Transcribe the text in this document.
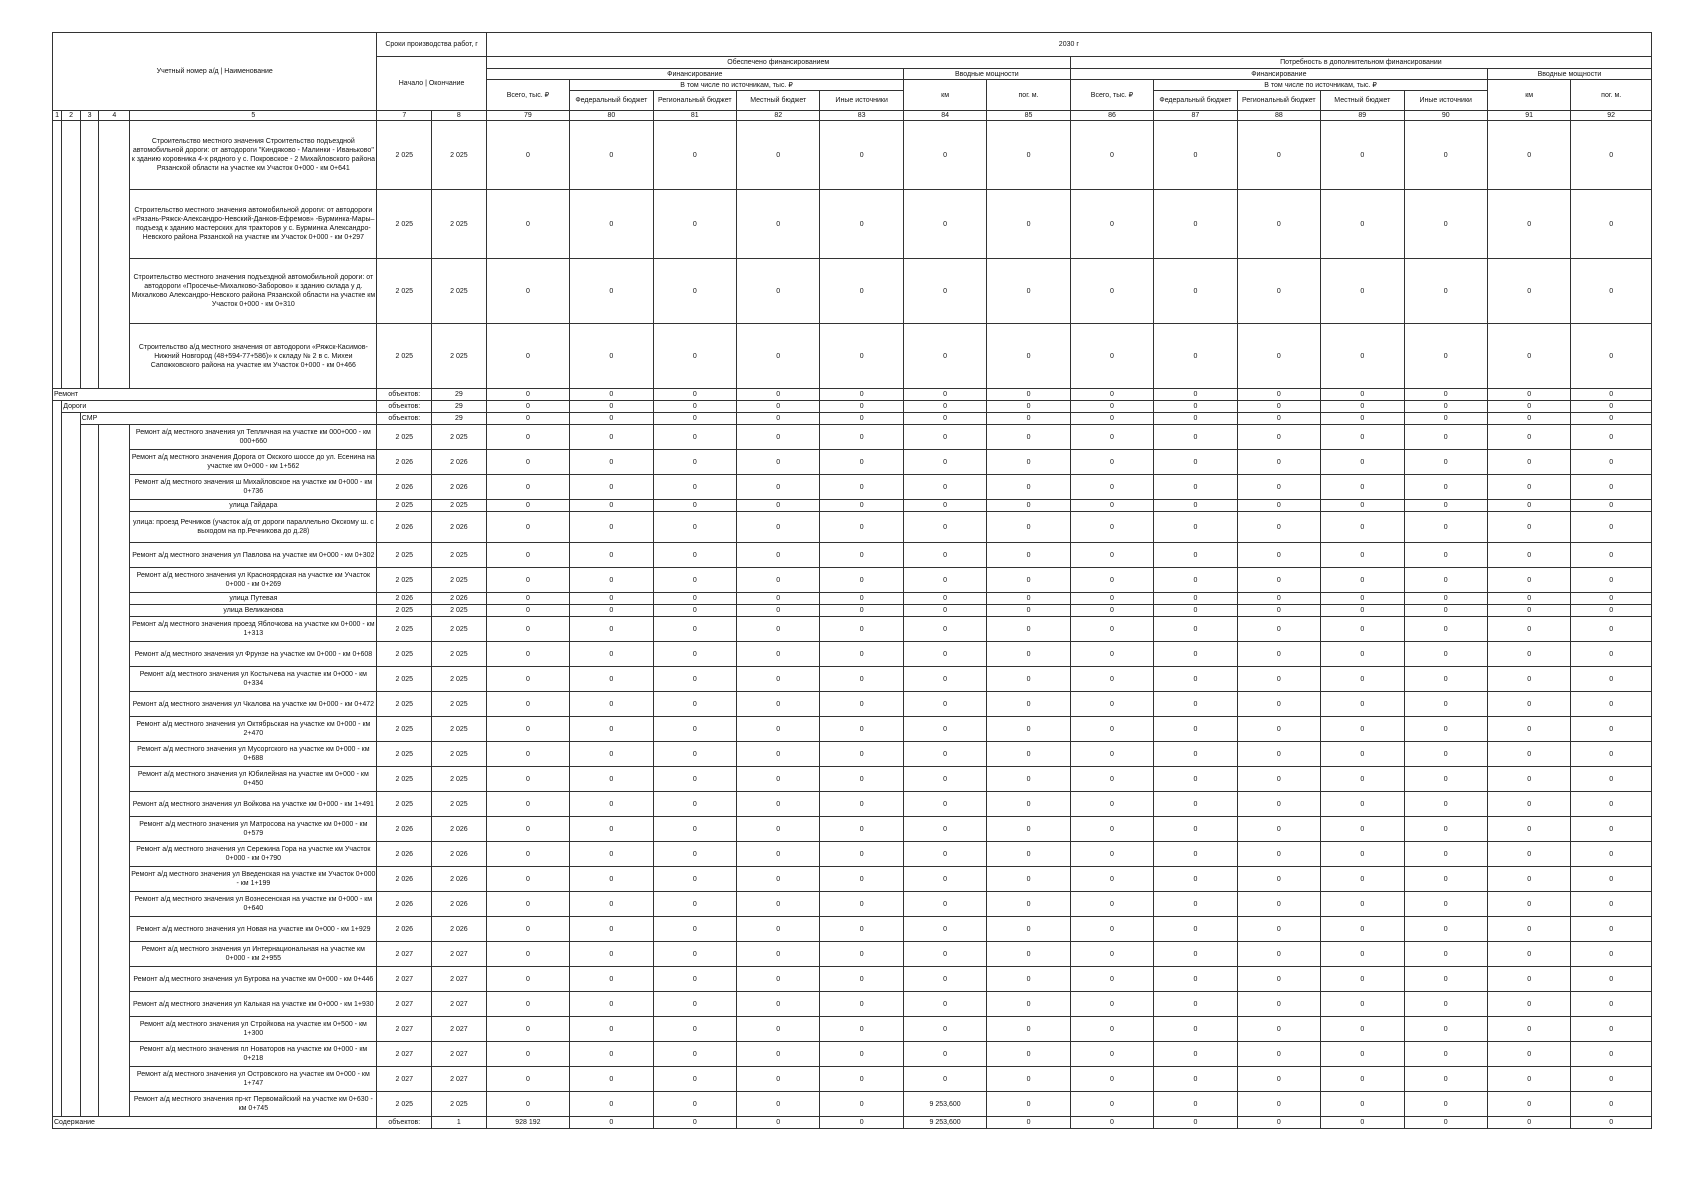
Учетный номер а/д | Наименование					Сроки производства работ, г		2030 г													
					Начало | Окончание		Обеспечено финансированием							Потребность в дополнительном финансировании						
							Финансирование					Вводные мощности		Финансирование					Вводные мощности	
							Всего, тыс. ₽	В том числе по источникам, тыс. ₽				км	пог. м.	Всего, тыс. ₽	В том числе по источникам, тыс. ₽				км	пог. м.
								Федеральный бюджет	Региональный бюджет	Местный бюджет	Иные источники				Федеральный бюджет	Региональный бюджет	Местный бюджет	Иные источники		
1	2	3	4	5	7	8	79	80	81	82	83	84	85	86	87	88	89	90	91	92
				Строительство местного значения Строительство подъездной автомобильной дороги: от автодороги "Киндяково - Малинки - Иваньково" к зданию коровника 4-х рядного у с. Покровское - 2 Михайловского района Рязанской области на участке км Участок 0+000 - км 0+641	2 025	2 025	0	0	0	0	0	0	0	0	0	0	0	0	0	0
				Строительство местного значения автомобильной дороги: от автодороги «Рязань-Ряжск-Александро-Невский-Данков-Ефремов» -Бурминка-Мары–подъезд к зданию мастерских для тракторов у с. Бурминка Александро-Невского района Рязанской на участке км Участок 0+000 - км 0+297	2 025	2 025	0	0	0	0	0	0	0	0	0	0	0	0	0	0
				Строительство местного значения подъездной автомобильной дороги: от автодороги «Просечье-Михалково-Заборово» к зданию склада у д. Михалково Александро-Невского района Рязанской области на участке км Участок 0+000 - км 0+310	2 025	2 025	0	0	0	0	0	0	0	0	0	0	0	0	0	0
				Строительство а/д местного значения от автодороги «Ряжск-Касимов-Нижний Новгород (48+594-77+586)» к складу № 2 в с. Михеи Сапожковского района на участке км Участок 0+000 - км 0+466	2 025	2 025	0	0	0	0	0	0	0	0	0	0	0	0	0	0
Ремонт					объектов:	29	0	0	0	0	0	0	0	0	0	0	0	0	0	0
	Дороги				объектов:	29	0	0	0	0	0	0	0	0	0	0	0	0	0	0
		СМР			объектов:	29	0	0	0	0	0	0	0	0	0	0	0	0	0	0
				Ремонт а/д местного значения ул Тепличная на участке км 000+000 - км 000+660	2 025	2 025	0	0	0	0	0	0	0	0	0	0	0	0	0	0
				Ремонт а/д местного значения Дорога от Окского шоссе до ул. Есенина на участке км 0+000 - км 1+562	2 026	2 026	0	0	0	0	0	0	0	0	0	0	0	0	0	0
				Ремонт а/д местного значения ш Михайловское на участке км 0+000 - км 0+736	2 026	2 026	0	0	0	0	0	0	0	0	0	0	0	0	0	0
				улица Гайдара	2 025	2 025	0	0	0	0	0	0	0	0	0	0	0	0	0	0
				улица: проезд Речников (участок а/д от дороги параллельно Окскому ш. с выходом на пр.Речникова до д.28)	2 026	2 026	0	0	0	0	0	0	0	0	0	0	0	0	0	0
				Ремонт а/д местного значения ул Павлова на участке км 0+000 - км 0+302	2 025	2 025	0	0	0	0	0	0	0	0	0	0	0	0	0	0
				Ремонт а/д местного значения ул Красноярдская на участке км Участок 0+000 - км 0+269	2 025	2 025	0	0	0	0	0	0	0	0	0	0	0	0	0	0
				улица Путевая	2 026	2 026	0	0	0	0	0	0	0	0	0	0	0	0	0	0
				улица Великанова	2 025	2 025	0	0	0	0	0	0	0	0	0	0	0	0	0	0
				Ремонт а/д местного значения проезд Яблочкова на участке км 0+000 - км 1+313	2 025	2 025	0	0	0	0	0	0	0	0	0	0	0	0	0	0
				Ремонт а/д местного значения ул Фрунзе на участке км 0+000 - км 0+608	2 025	2 025	0	0	0	0	0	0	0	0	0	0	0	0	0	0
				Ремонт а/д местного значения ул Костычева на участке км 0+000 - км 0+334	2 025	2 025	0	0	0	0	0	0	0	0	0	0	0	0	0	0
				Ремонт а/д местного значения ул Чкалова на участке км 0+000 - км 0+472	2 025	2 025	0	0	0	0	0	0	0	0	0	0	0	0	0	0
				Ремонт а/д местного значения ул Октябрьская на участке км 0+000 - км 2+470	2 025	2 025	0	0	0	0	0	0	0	0	0	0	0	0	0	0
				Ремонт а/д местного значения ул Мусоргского на участке км 0+000 - км 0+688	2 025	2 025	0	0	0	0	0	0	0	0	0	0	0	0	0	0
				Ремонт а/д местного значения ул Юбилейная на участке км 0+000 - км 0+450	2 025	2 025	0	0	0	0	0	0	0	0	0	0	0	0	0	0
				Ремонт а/д местного значения ул Войкова на участке км 0+000 - км 1+491	2 025	2 025	0	0	0	0	0	0	0	0	0	0	0	0	0	0
				Ремонт а/д местного значения ул Матросова на участке км 0+000 - км 0+579	2 026	2 026	0	0	0	0	0	0	0	0	0	0	0	0	0	0
				Ремонт а/д местного значения ул Сережина Гора на участке км Участок 0+000 - км 0+790	2 026	2 026	0	0	0	0	0	0	0	0	0	0	0	0	0	0
				Ремонт а/д местного значения ул Введенская на участке км Участок 0+000 - км 1+199	2 026	2 026	0	0	0	0	0	0	0	0	0	0	0	0	0	0
				Ремонт а/д местного значения ул Вознесенская на участке км 0+000 - км 0+640	2 026	2 026	0	0	0	0	0	0	0	0	0	0	0	0	0	0
				Ремонт а/д местного значения ул Новая на участке км 0+000 - км 1+929	2 026	2 026	0	0	0	0	0	0	0	0	0	0	0	0	0	0
				Ремонт а/д местного значения ул Интернациональная на участке км 0+000 - км 2+955	2 027	2 027	0	0	0	0	0	0	0	0	0	0	0	0	0	0
				Ремонт а/д местного значения ул Бугрова на участке км 0+000 - км 0+446	2 027	2 027	0	0	0	0	0	0	0	0	0	0	0	0	0	0
				Ремонт а/д местного значения ул Калькая на участке км 0+000 - км 1+930	2 027	2 027	0	0	0	0	0	0	0	0	0	0	0	0	0	0
				Ремонт а/д местного значения ул Стройкова на участке км 0+500 - км 1+300	2 027	2 027	0	0	0	0	0	0	0	0	0	0	0	0	0	0
				Ремонт а/д местного значения пл Новаторов на участке км 0+000 - км 0+218	2 027	2 027	0	0	0	0	0	0	0	0	0	0	0	0	0	0
				Ремонт а/д местного значения ул Островского на участке км 0+000 - км 1+747	2 027	2 027	0	0	0	0	0	0	0	0	0	0	0	0	0	0
				Ремонт а/д местного значения пр-кт Первомайский на участке км 0+630 - км 0+745	2 025	2 025	0	0	0	0	0	9 253,600	0	0	0	0	0	0	0	0
Содержание					объектов:	1	928 192	0	0	0	0	9 253,600	0	0	0	0	0	0	0	0
